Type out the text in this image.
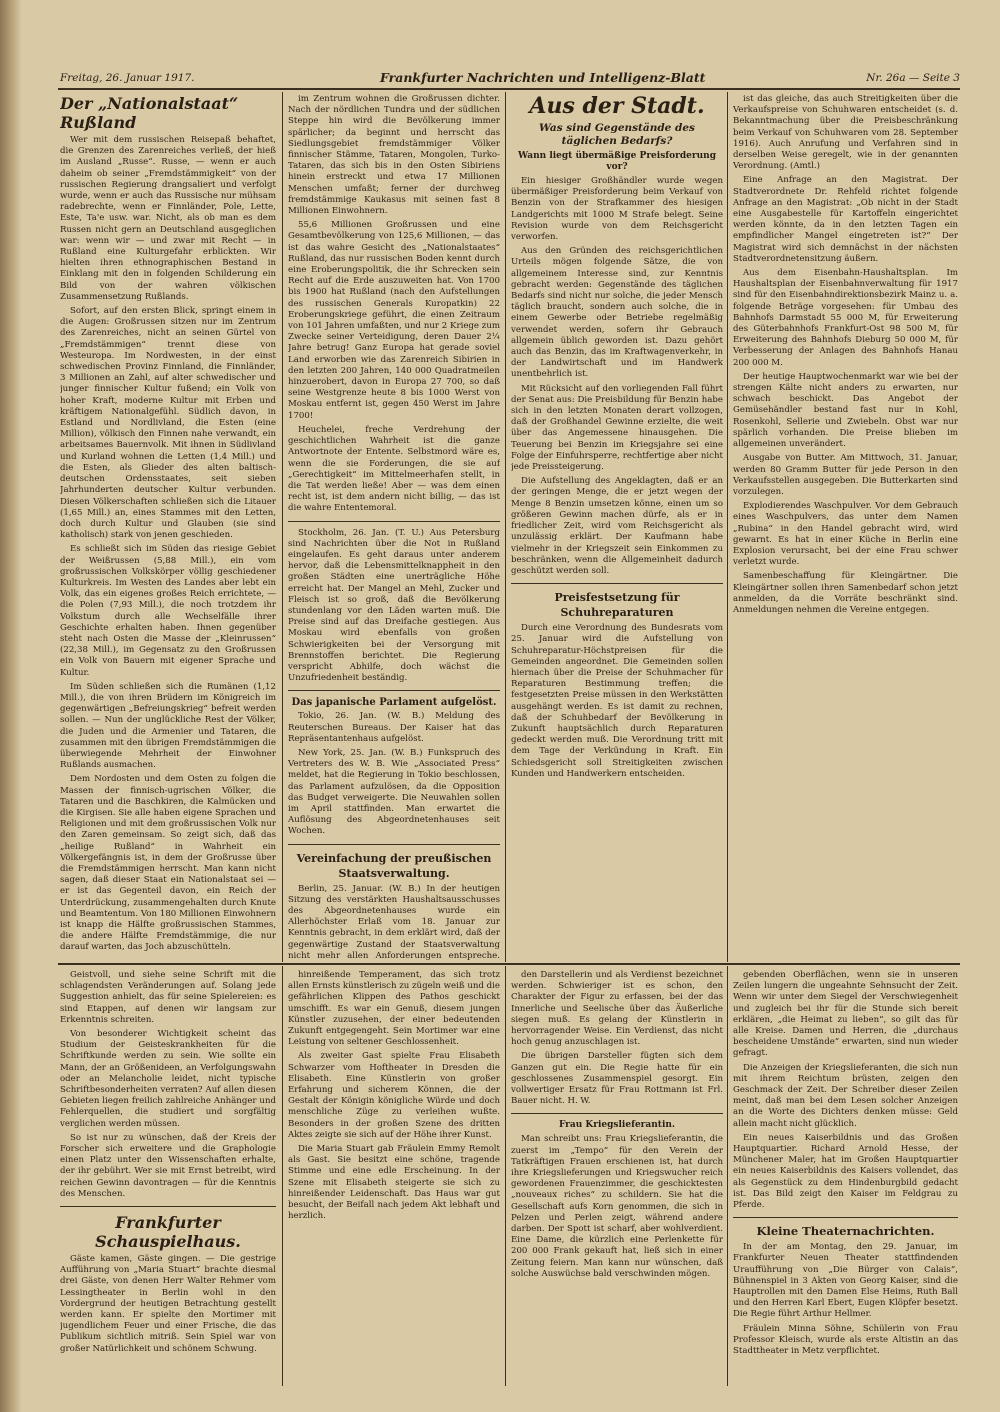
Freitag, 26. Januar 1917.	Frankfurter Nachrichten und Intelligenz-Blatt	Nr. 26a — Seite 3

Der „Nationalstaat“ Rußland

Wer mit dem russischen Reisepaß behaftet, die Grenzen des Zarenreiches verließ, der hieß im Ausland „Russe“. Russe, — wenn er auch daheim ob seiner „Fremdstämmigkeit“ von der russischen Regierung drangsaliert und verfolgt wurde, wenn er auch das Russische nur mühsam radebrechte, wenn er Finnländer, Pole, Lette, Este, Ta'e usw. war. Nicht, als ob man es dem Russen nicht gern an Deutschland ausgeglichen war: wenn wir — und zwar mit Recht — in Rußland eine Kulturgefahr erblickten. Wir hielten ihren ethnographischen Bestand in Einklang mit den in folgenden Schilderung ein Bild von der wahren völkischen Zusammensetzung Rußlands.

Sofort, auf den ersten Blick, springt einem in die Augen: Großrussen sitzen nur im Zentrum des Zarenreiches, nicht an seinen Gürtel von „Fremdstämmigen“ trennt diese von Westeuropa. Im Nordwesten, in der einst schwedischen Provinz Finnland, die Finnländer, 3 Millionen an Zahl, auf alter schwedischer und junger finnischer Kultur fußend; ein Volk von hoher Kraft, moderne Kultur mit Erben und kräftigem Nationalgefühl. Südlich davon, in Estland und Nordlivland, die Esten (eine Million), völkisch den Finnen nahe verwandt, ein arbeitsames Bauernvolk. Mit ihnen in Südlivland und Kurland wohnen die Letten (1,4 Mill.) und die Esten, als Glieder des alten baltisch-deutschen Ordensstaates, seit sieben Jahrhunderten deutscher Kultur verbunden. Diesen Völkerschaften schließen sich die Litauer (1,65 Mill.) an, eines Stammes mit den Letten, doch durch Kultur und Glauben (sie sind katholisch) stark von jenen geschieden.

Es schließt sich im Süden das riesige Gebiet der Weißrussen (5,88 Mill.), ein vom großrussischen Volkskörper völlig geschiedener Kulturkreis. Im Westen des Landes aber lebt ein Volk, das ein eigenes großes Reich errichtete, — die Polen (7,93 Mill.), die noch trotzdem ihr Volkstum durch alle Wechselfälle ihrer Geschichte erhalten haben. Ihnen gegenüber steht nach Osten die Masse der „Kleinrussen“ (22,38 Mill.), im Gegensatz zu den Großrussen ein Volk von Bauern mit eigener Sprache und Kultur.

Im Süden schließen sich die Rumänen (1,12 Mill.), die von ihren Brüdern im Königreich im gegenwärtigen „Befreiungskrieg“ befreit werden sollen. — Nun der unglückliche Rest der Völker, die Juden und die Armenier und Tataren, die zusammen mit den übrigen Fremdstämmigen die überwiegende Mehrheit der Einwohner Rußlands ausmachen.

Dem Nordosten und dem Osten zu folgen die Massen der finnisch-ugrischen Völker, die Tataren und die Baschkiren, die Kalmücken und die Kirgisen. Sie alle haben eigene Sprachen und Religionen und mit dem großrussischen Volk nur den Zaren gemeinsam. So zeigt sich, daß das „heilige Rußland“ in Wahrheit ein Völkergefängnis ist, in dem der Großrusse über die Fremdstämmigen herrscht. Man kann nicht sagen, daß dieser Staat ein Nationalstaat sei — er ist das Gegenteil davon, ein Reich der Unterdrückung, zusammengehalten durch Knute und Beamtentum. Von 180 Millionen Einwohnern ist knapp die Hälfte großrussischen Stammes, die andere Hälfte Fremdstämmige, die nur darauf warten, das Joch abzuschütteln.

im Zentrum wohnen die Großrussen dichter. Nach der nördlichen Tundra und der südlichen Steppe hin wird die Bevölkerung immer spärlicher; da beginnt und herrscht das Siedlungsgebiet fremdstämmiger Völker finnischer Stämme, Tataren, Mongolen, Turko-Tataren, das sich bis in den Osten Sibiriens hinein erstreckt und etwa 17 Millionen Menschen umfaßt; ferner der durchweg fremdstämmige Kaukasus mit seinen fast 8 Millionen Einwohnern.

55,6 Millionen Großrussen und eine Gesamtbevölkerung von 125,6 Millionen, — das ist das wahre Gesicht des „Nationalstaates“ Rußland, das nur russischen Boden kennt durch eine Eroberungspolitik, die ihr Schrecken sein Recht auf die Erde auszuweiten hat. Von 1700 bis 1900 hat Rußland (nach den Aufstellungen des russischen Generals Kuropatkin) 22 Eroberungskriege geführt, die einen Zeitraum von 101 Jahren umfaßten, und nur 2 Kriege zum Zwecke seiner Verteidigung, deren Dauer 2¼ Jahre betrug! Ganz Europa hat gerade soviel Land erworben wie das Zarenreich Sibirien in den letzten 200 Jahren, 140 000 Quadratmeilen hinzuerobert, davon in Europa 27 700, so daß seine Westgrenze heute 8 bis 1000 Werst von Moskau entfernt ist, gegen 450 Werst im Jahre 1700!

Heuchelei, freche Verdrehung der geschichtlichen Wahrheit ist die ganze Antwortnote der Entente. Selbstmord wäre es, wenn die sie Forderungen, die sie auf „Gerechtigkeit“ im Mittelmeerhafen stellt, in die Tat werden ließe! Aber — was dem einen recht ist, ist dem andern nicht billig, — das ist die wahre Ententemoral.

Stockholm, 26. Jan. (T. U.) Aus Petersburg sind Nachrichten über die Not in Rußland eingelaufen. Es geht daraus unter anderem hervor, daß die Lebensmittelknappheit in den großen Städten eine unerträgliche Höhe erreicht hat. Der Mangel an Mehl, Zucker und Fleisch ist so groß, daß die Bevölkerung stundenlang vor den Läden warten muß. Die Preise sind auf das Dreifache gestiegen. Aus Moskau wird ebenfalls von großen Schwierigkeiten bei der Versorgung mit Brennstoffen berichtet. Die Regierung verspricht Abhilfe, doch wächst die Unzufriedenheit beständig.

Das japanische Parlament aufgelöst.

Tokio, 26. Jan. (W. B.) Meldung des Reuterschen Bureaus. Der Kaiser hat das Repräsentantenhaus aufgelöst.

New York, 25. Jan. (W. B.) Funkspruch des Vertreters des W. B. Wie „Associated Press“ meldet, hat die Regierung in Tokio beschlossen, das Parlament aufzulösen, da die Opposition das Budget verweigerte. Die Neuwahlen sollen im April stattfinden. Man erwartet die Auflösung des Abgeordnetenhauses seit Wochen.

Vereinfachung der preußischen Staatsverwaltung.

Berlin, 25. Januar. (W. B.) In der heutigen Sitzung des verstärkten Haushaltsausschusses des Abgeordnetenhauses wurde ein Allerhöchster Erlaß vom 18. Januar zur Kenntnis gebracht, in dem erklärt wird, daß der gegenwärtige Zustand der Staatsverwaltung nicht mehr allen Anforderungen entspreche.

Aus der Stadt.

Was sind Gegenstände des täglichen Bedarfs?

Wann liegt übermäßige Preisforderung vor?

Ein hiesiger Großhändler wurde wegen übermäßiger Preisforderung beim Verkauf von Benzin von der Strafkammer des hiesigen Landgerichts mit 1000 M Strafe belegt. Seine Revision wurde von dem Reichsgericht verworfen.

Aus den Gründen des reichsgerichtlichen Urteils mögen folgende Sätze, die von allgemeinem Interesse sind, zur Kenntnis gebracht werden: Gegenstände des täglichen Bedarfs sind nicht nur solche, die jeder Mensch täglich braucht, sondern auch solche, die in einem Gewerbe oder Betriebe regelmäßig verwendet werden, sofern ihr Gebrauch allgemein üblich geworden ist. Dazu gehört auch das Benzin, das im Kraftwagenverkehr, in der Landwirtschaft und im Handwerk unentbehrlich ist.

Mit Rücksicht auf den vorliegenden Fall führt der Senat aus: Die Preisbildung für Benzin habe sich in den letzten Monaten derart vollzogen, daß der Großhandel Gewinne erzielte, die weit über das Angemessene hinausgehen. Die Teuerung bei Benzin im Kriegsjahre sei eine Folge der Einfuhrsperre, rechtfertige aber nicht jede Preissteigerung.

Die Aufstellung des Angeklagten, daß er an der geringen Menge, die er jetzt wegen der Menge 8 Benzin umsetzen könne, einen um so größeren Gewinn machen dürfe, als er in friedlicher Zeit, wird vom Reichsgericht als unzulässig erklärt. Der Kaufmann habe vielmehr in der Kriegszeit sein Einkommen zu beschränken, wenn die Allgemeinheit dadurch geschützt werden soll.

Preisfestsetzung für Schuhreparaturen

Durch eine Verordnung des Bundesrats vom 25. Januar wird die Aufstellung von Schuhreparatur-Höchstpreisen für die Gemeinden angeordnet. Die Gemeinden sollen hiernach über die Preise der Schuhmacher für Reparaturen Bestimmung treffen; die festgesetzten Preise müssen in den Werkstätten ausgehängt werden. Es ist damit zu rechnen, daß der Schuhbedarf der Bevölkerung in Zukunft hauptsächlich durch Reparaturen gedeckt werden muß. Die Verordnung tritt mit dem Tage der Verkündung in Kraft. Ein Schiedsgericht soll Streitigkeiten zwischen Kunden und Handwerkern entscheiden.

ist das gleiche, das auch Streitigkeiten über die Verkaufspreise von Schuhwaren entscheidet (s. d. Bekanntmachung über die Preisbeschränkung beim Verkauf von Schuhwaren vom 28. September 1916). Auch Anrufung und Verfahren sind in derselben Weise geregelt, wie in der genannten Verordnung. (Amtl.)

Eine Anfrage an den Magistrat. Der Stadtverordnete Dr. Rehfeld richtet folgende Anfrage an den Magistrat: „Ob nicht in der Stadt eine Ausgabestelle für Kartoffeln eingerichtet werden könnte, da in den letzten Tagen ein empfindlicher Mangel eingetreten ist?“ Der Magistrat wird sich demnächst in der nächsten Stadtverordnetensitzung äußern.

Aus dem Eisenbahn-Haushaltsplan. Im Haushaltsplan der Eisenbahnverwaltung für 1917 sind für den Eisenbahndirektionsbezirk Mainz u. a. folgende Beträge vorgesehen: für Umbau des Bahnhofs Darmstadt 55 000 M, für Erweiterung des Güterbahnhofs Frankfurt-Ost 98 500 M, für Erweiterung des Bahnhofs Dieburg 50 000 M, für Verbesserung der Anlagen des Bahnhofs Hanau 200 000 M.

Der heutige Hauptwochenmarkt war wie bei der strengen Kälte nicht anders zu erwarten, nur schwach beschickt. Das Angebot der Gemüsehändler bestand fast nur in Kohl, Rosenkohl, Sellerie und Zwiebeln. Obst war nur spärlich vorhanden. Die Preise blieben im allgemeinen unverändert.

Ausgabe von Butter. Am Mittwoch, 31. Januar, werden 80 Gramm Butter für jede Person in den Verkaufsstellen ausgegeben. Die Butterkarten sind vorzulegen.

Explodierendes Waschpulver. Vor dem Gebrauch eines Waschpulvers, das unter dem Namen „Rubina“ in den Handel gebracht wird, wird gewarnt. Es hat in einer Küche in Berlin eine Explosion verursacht, bei der eine Frau schwer verletzt wurde.

Samenbeschaffung für Kleingärtner. Die Kleingärtner sollen ihren Samenbedarf schon jetzt anmelden, da die Vorräte beschränkt sind. Anmeldungen nehmen die Vereine entgegen.

Geistvoll, und siehe seine Schrift mit die schlagendsten Veränderungen auf. Solang jede Suggestion anhielt, das für seine Spielereien: es sind Etappen, auf denen wir langsam zur Erkenntnis schreiten.

Von besonderer Wichtigkeit scheint das Studium der Geisteskrankheiten für die Schriftkunde werden zu sein. Wie sollte ein Mann, der an Größenideen, an Verfolgungswahn oder an Melancholie leidet, nicht typische Schriftbesonderheiten verraten? Auf allen diesen Gebieten liegen freilich zahlreiche Anhänger und Fehlerquellen, die studiert und sorgfältig verglichen werden müssen.

So ist nur zu wünschen, daß der Kreis der Forscher sich erweitere und die Graphologie einen Platz unter den Wissenschaften erhalte, der ihr gebührt. Wer sie mit Ernst betreibt, wird reichen Gewinn davontragen — für die Kenntnis des Menschen.

Frankfurter Schauspielhaus.

Gäste kamen, Gäste gingen. — Die gestrige Aufführung von „Maria Stuart“ brachte diesmal drei Gäste, von denen Herr Walter Rehmer vom Lessingtheater in Berlin wohl in den Vordergrund der heutigen Betrachtung gestellt werden kann. Er spielte den Mortimer mit jugendlichem Feuer und einer Frische, die das Publikum sichtlich mitriß. Sein Spiel war von großer Natürlichkeit und schönem Schwung.

hinreißende Temperament, das sich trotz allen Ernsts künstlerisch zu zügeln weiß und die gefährlichen Klippen des Pathos geschickt umschifft. Es war ein Genuß, diesem jungen Künstler zuzusehen, der einer bedeutenden Zukunft entgegengeht. Sein Mortimer war eine Leistung von seltener Geschlossenheit.

Als zweiter Gast spielte Frau Elisabeth Schwarzer vom Hoftheater in Dresden die Elisabeth. Eine Künstlerin von großer Erfahrung und sicherem Können, die der Gestalt der Königin königliche Würde und doch menschliche Züge zu verleihen wußte. Besonders in der großen Szene des dritten Aktes zeigte sie sich auf der Höhe ihrer Kunst.

Die Maria Stuart gab Fräulein Emmy Remolt als Gast. Sie besitzt eine schöne, tragende Stimme und eine edle Erscheinung. In der Szene mit Elisabeth steigerte sie sich zu hinreißender Leidenschaft. Das Haus war gut besucht, der Beifall nach jedem Akt lebhaft und herzlich.

den Darstellerin und als Verdienst bezeichnet werden. Schwieriger ist es schon, den Charakter der Figur zu erfassen, bei der das Innerliche und Seelische über das Äußerliche siegen muß. Es gelang der Künstlerin in hervorragender Weise. Ein Verdienst, das nicht hoch genug anzuschlagen ist.

Die übrigen Darsteller fügten sich dem Ganzen gut ein. Die Regie hatte für ein geschlossenes Zusammenspiel gesorgt. Ein vollwertiger Ersatz für Frau Rottmann ist Frl. Bauer nicht. H. W.

Frau Kriegslieferantin.

Man schreibt uns: Frau Kriegslieferantin, die zuerst im „Tempo“ für den Verein der Tatkräftigen Frauen erschienen ist, hat durch ihre Kriegslieferungen und Kriegswucher reich gewordenen Frauenzimmer, die geschicktesten „nouveaux riches“ zu schildern. Sie hat die Gesellschaft aufs Korn genommen, die sich in Pelzen und Perlen zeigt, während andere darben. Der Spott ist scharf, aber wohlverdient. Eine Dame, die kürzlich eine Perlenkette für 200 000 Frank gekauft hat, ließ sich in einer Zeitung feiern. Man kann nur wünschen, daß solche Auswüchse bald verschwinden mögen.

gebenden Oberflächen, wenn sie in unseren Zeilen lungern die ungeahnte Sehnsucht der Zeit. Wenn wir unter dem Siegel der Verschwiegenheit und zugleich bei ihr für die Stunde sich bereit erklären, „die Heimat zu lieben“, so gilt das für alle Kreise. Damen und Herren, die „durchaus bescheidene Umstände“ erwarten, sind nun wieder gefragt.

Die Anzeigen der Kriegslieferanten, die sich nun mit ihrem Reichtum brüsten, zeigen den Geschmack der Zeit. Der Schreiber dieser Zeilen meint, daß man bei dem Lesen solcher Anzeigen an die Worte des Dichters denken müsse: Geld allein macht nicht glücklich.

Ein neues Kaiserbildnis und das Großen Hauptquartier. Richard Arnold Hesse, der Münchener Maler, hat im Großen Hauptquartier ein neues Kaiserbildnis des Kaisers vollendet, das als Gegenstück zu dem Hindenburgbild gedacht ist. Das Bild zeigt den Kaiser im Feldgrau zu Pferde.

Kleine Theaternachrichten.

In der am Montag, den 29. Januar, im Frankfurter Neuen Theater stattfindenden Uraufführung von „Die Bürger von Calais“, Bühnenspiel in 3 Akten von Georg Kaiser, sind die Hauptrollen mit den Damen Else Heims, Ruth Ball und den Herren Karl Ebert, Eugen Klöpfer besetzt. Die Regie führt Arthur Hellmer.

Fräulein Minna Söhne, Schülerin von Frau Professor Kleisch, wurde als erste Altistin an das Stadttheater in Metz verpflichtet.
